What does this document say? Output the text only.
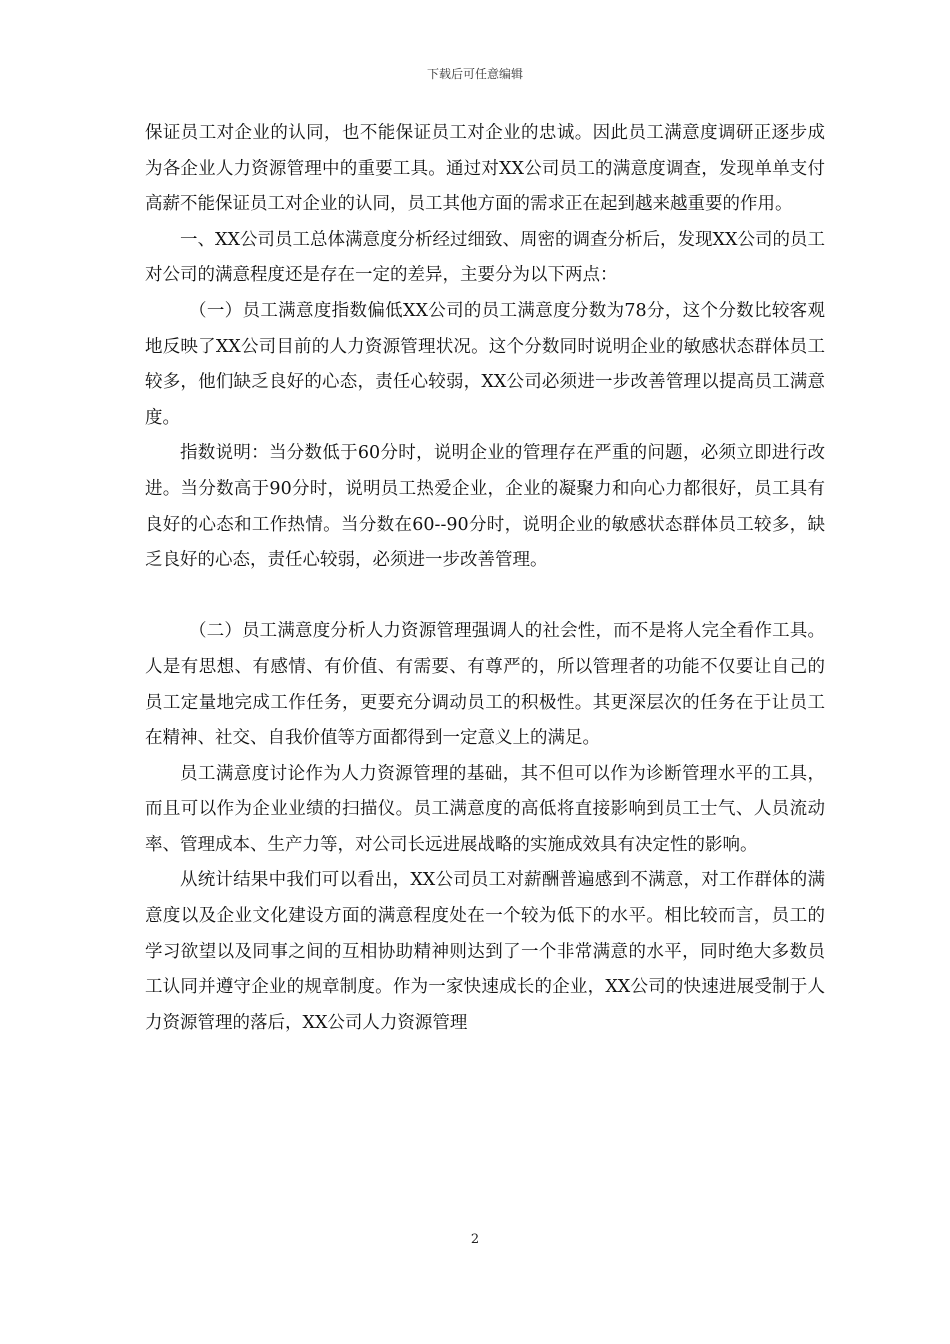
下载后可任意编辑

保证员工对企业的认同，也不能保证员工对企业的忠诚。因此员工满意度调研正逐步成为各企业人力资源管理中的重要工具。通过对XX公司员工的满意度调查，发现单单支付高薪不能保证员工对企业的认同，员工其他方面的需求正在起到越来越重要的作用。

一、XX公司员工总体满意度分析经过细致、周密的调查分析后，发现XX公司的员工对公司的满意程度还是存在一定的差异，主要分为以下两点：

（一）员工满意度指数偏低XX公司的员工满意度分数为78分，这个分数比较客观地反映了XX公司目前的人力资源管理状况。这个分数同时说明企业的敏感状态群体员工较多，他们缺乏良好的心态，责任心较弱，XX公司必须进一步改善管理以提高员工满意度。

指数说明：当分数低于60分时，说明企业的管理存在严重的问题，必须立即进行改进。当分数高于90分时，说明员工热爱企业，企业的凝聚力和向心力都很好，员工具有良好的心态和工作热情。当分数在60--90分时，说明企业的敏感状态群体员工较多，缺乏良好的心态，责任心较弱，必须进一步改善管理。

（二）员工满意度分析人力资源管理强调人的社会性，而不是将人完全看作工具。人是有思想、有感情、有价值、有需要、有尊严的，所以管理者的功能不仅要让自己的员工定量地完成工作任务，更要充分调动员工的积极性。其更深层次的任务在于让员工在精神、社交、自我价值等方面都得到一定意义上的满足。

员工满意度讨论作为人力资源管理的基础，其不但可以作为诊断管理水平的工具，而且可以作为企业业绩的扫描仪。员工满意度的高低将直接影响到员工士气、人员流动率、管理成本、生产力等，对公司长远进展战略的实施成效具有决定性的影响。

从统计结果中我们可以看出，XX公司员工对薪酬普遍感到不满意，对工作群体的满意度以及企业文化建设方面的满意程度处在一个较为低下的水平。相比较而言，员工的学习欲望以及同事之间的互相协助精神则达到了一个非常满意的水平，同时绝大多数员工认同并遵守企业的规章制度。作为一家快速成长的企业，XX公司的快速进展受制于人力资源管理的落后，XX公司人力资源管理

2
